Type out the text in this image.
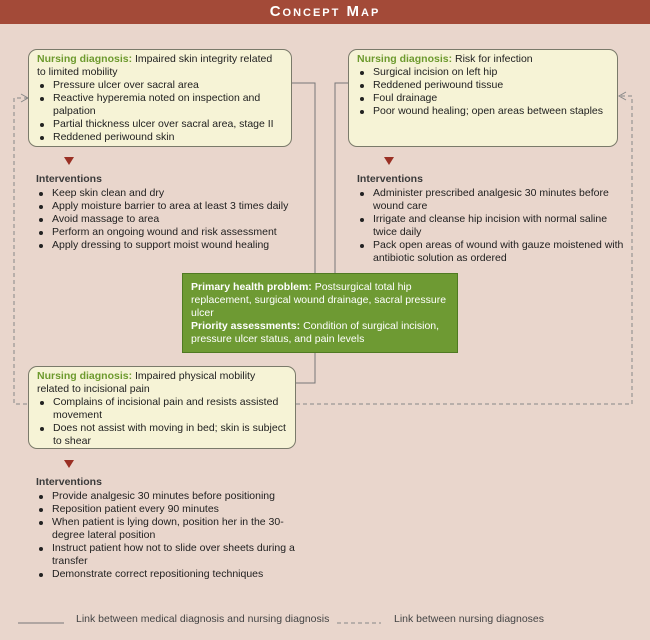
Concept Map
Nursing diagnosis: Impaired skin integrity related to limited mobility
Pressure ulcer over sacral area
Reactive hyperemia noted on inspection and palpation
Partial thickness ulcer over sacral area, stage II
Reddened periwound skin
Interventions
Keep skin clean and dry
Apply moisture barrier to area at least 3 times daily
Avoid massage to area
Perform an ongoing wound and risk assessment
Apply dressing to support moist wound healing
Nursing diagnosis: Risk for infection
Surgical incision on left hip
Reddened periwound tissue
Foul drainage
Poor wound healing; open areas between staples
Interventions
Administer prescribed analgesic 30 minutes before wound care
Irrigate and cleanse hip incision with normal saline twice daily
Pack open areas of wound with gauze moistened with antibiotic solution as ordered
Primary health problem: Postsurgical total hip replacement, surgical wound drainage, sacral pressure ulcer
Priority assessments: Condition of surgical incision, pressure ulcer status, and pain levels
Nursing diagnosis: Impaired physical mobility related to incisional pain
Complains of incisional pain and resists assisted movement
Does not assist with moving in bed; skin is subject to shear
Interventions
Provide analgesic 30 minutes before positioning
Reposition patient every 90 minutes
When patient is lying down, position her in the 30-degree lateral position
Instruct patient how not to slide over sheets during a transfer
Demonstrate correct repositioning techniques
Link between medical diagnosis and nursing diagnosis	Link between nursing diagnoses
